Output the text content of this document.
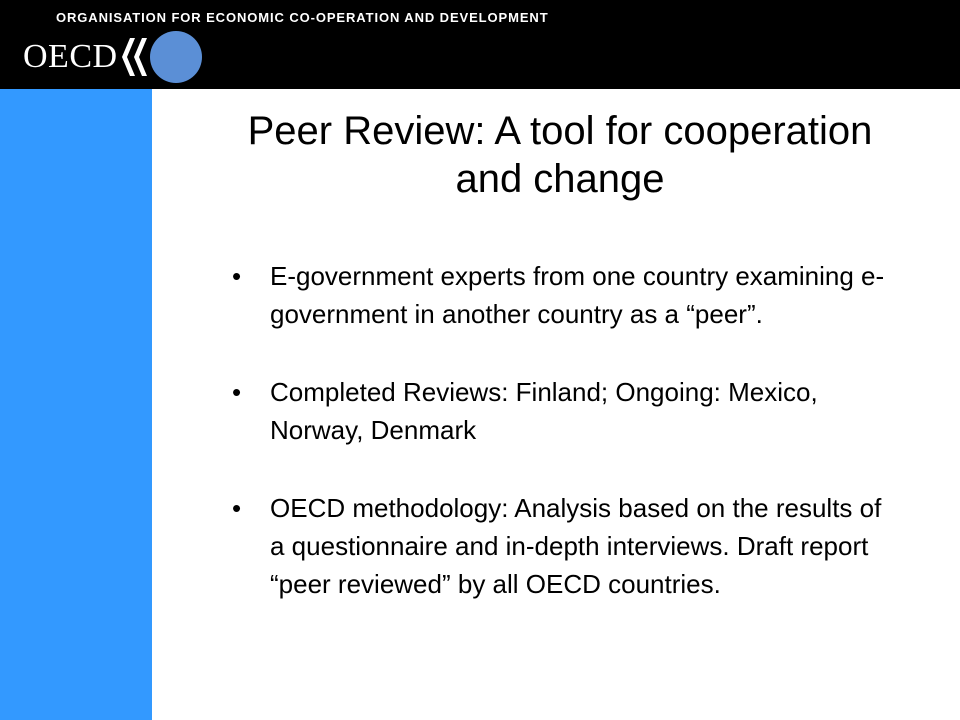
ORGANISATION FOR ECONOMIC CO-OPERATION AND DEVELOPMENT
OECD
Peer Review: A tool for cooperation and change
• E-government experts from one country examining e-government in another country as a “peer”.
• Completed Reviews: Finland; Ongoing: Mexico, Norway, Denmark
• OECD methodology: Analysis based on the results of a questionnaire and in-depth interviews. Draft report “peer reviewed” by all OECD countries.
